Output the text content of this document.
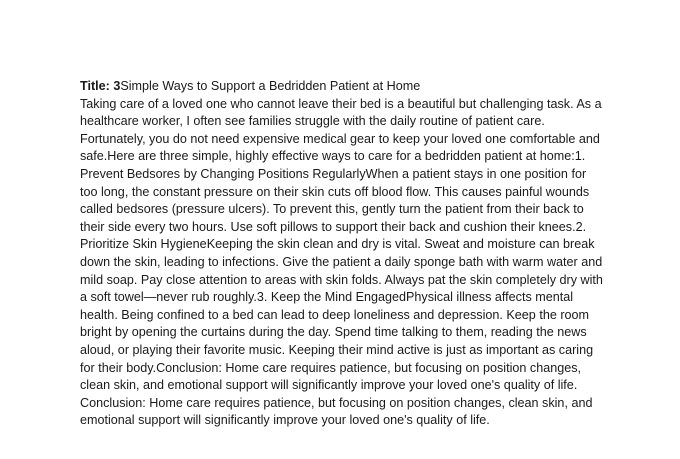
Title: 3Simple Ways to Support a Bedridden Patient at Home

Taking care of a loved one who cannot leave their bed is a beautiful but challenging task. As a healthcare worker, I often see families struggle with the daily routine of patient care. Fortunately, you do not need expensive medical gear to keep your loved one comfortable and safe.Here are three simple, highly effective ways to care for a bedridden patient at home:1. Prevent Bedsores by Changing Positions RegularlyWhen a patient stays in one position for too long, the constant pressure on their skin cuts off blood flow. This causes painful wounds called bedsores (pressure ulcers). To prevent this, gently turn the patient from their back to their side every two hours. Use soft pillows to support their back and cushion their knees.2. Prioritize Skin HygieneKeeping the skin clean and dry is vital. Sweat and moisture can break down the skin, leading to infections. Give the patient a daily sponge bath with warm water and mild soap. Pay close attention to areas with skin folds. Always pat the skin completely dry with a soft towel—never rub roughly.3. Keep the Mind EngagedPhysical illness affects mental health. Being confined to a bed can lead to deep loneliness and depression. Keep the room bright by opening the curtains during the day. Spend time talking to them, reading the news aloud, or playing their favorite music. Keeping their mind active is just as important as caring for their body.Conclusion: Home care requires patience, but focusing on position changes, clean skin, and emotional support will significantly improve your loved one's quality of life.

Conclusion: Home care requires patience, but focusing on position changes, clean skin, and emotional support will significantly improve your loved one's quality of life.
